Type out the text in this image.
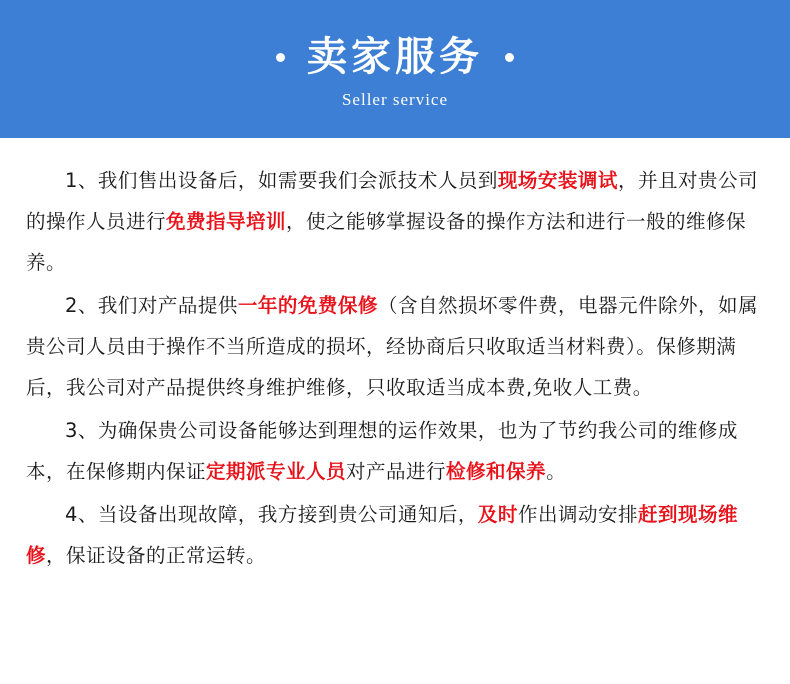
卖家服务
Seller service

1、我们售出设备后，如需要我们会派技术人员到现场安装调试，并且对贵公司的操作人员进行免费指导培训，使之能够掌握设备的操作方法和进行一般的维修保养。

2、我们对产品提供一年的免费保修（含自然损坏零件费，电器元件除外，如属贵公司人员由于操作不当所造成的损坏，经协商后只收取适当材料费）。保修期满后，我公司对产品提供终身维护维修，只收取适当成本费,免收人工费。

3、为确保贵公司设备能够达到理想的运作效果，也为了节约我公司的维修成本，在保修期内保证定期派专业人员对产品进行检修和保养。

4、当设备出现故障，我方接到贵公司通知后，及时作出调动安排赶到现场维修，保证设备的正常运转。
